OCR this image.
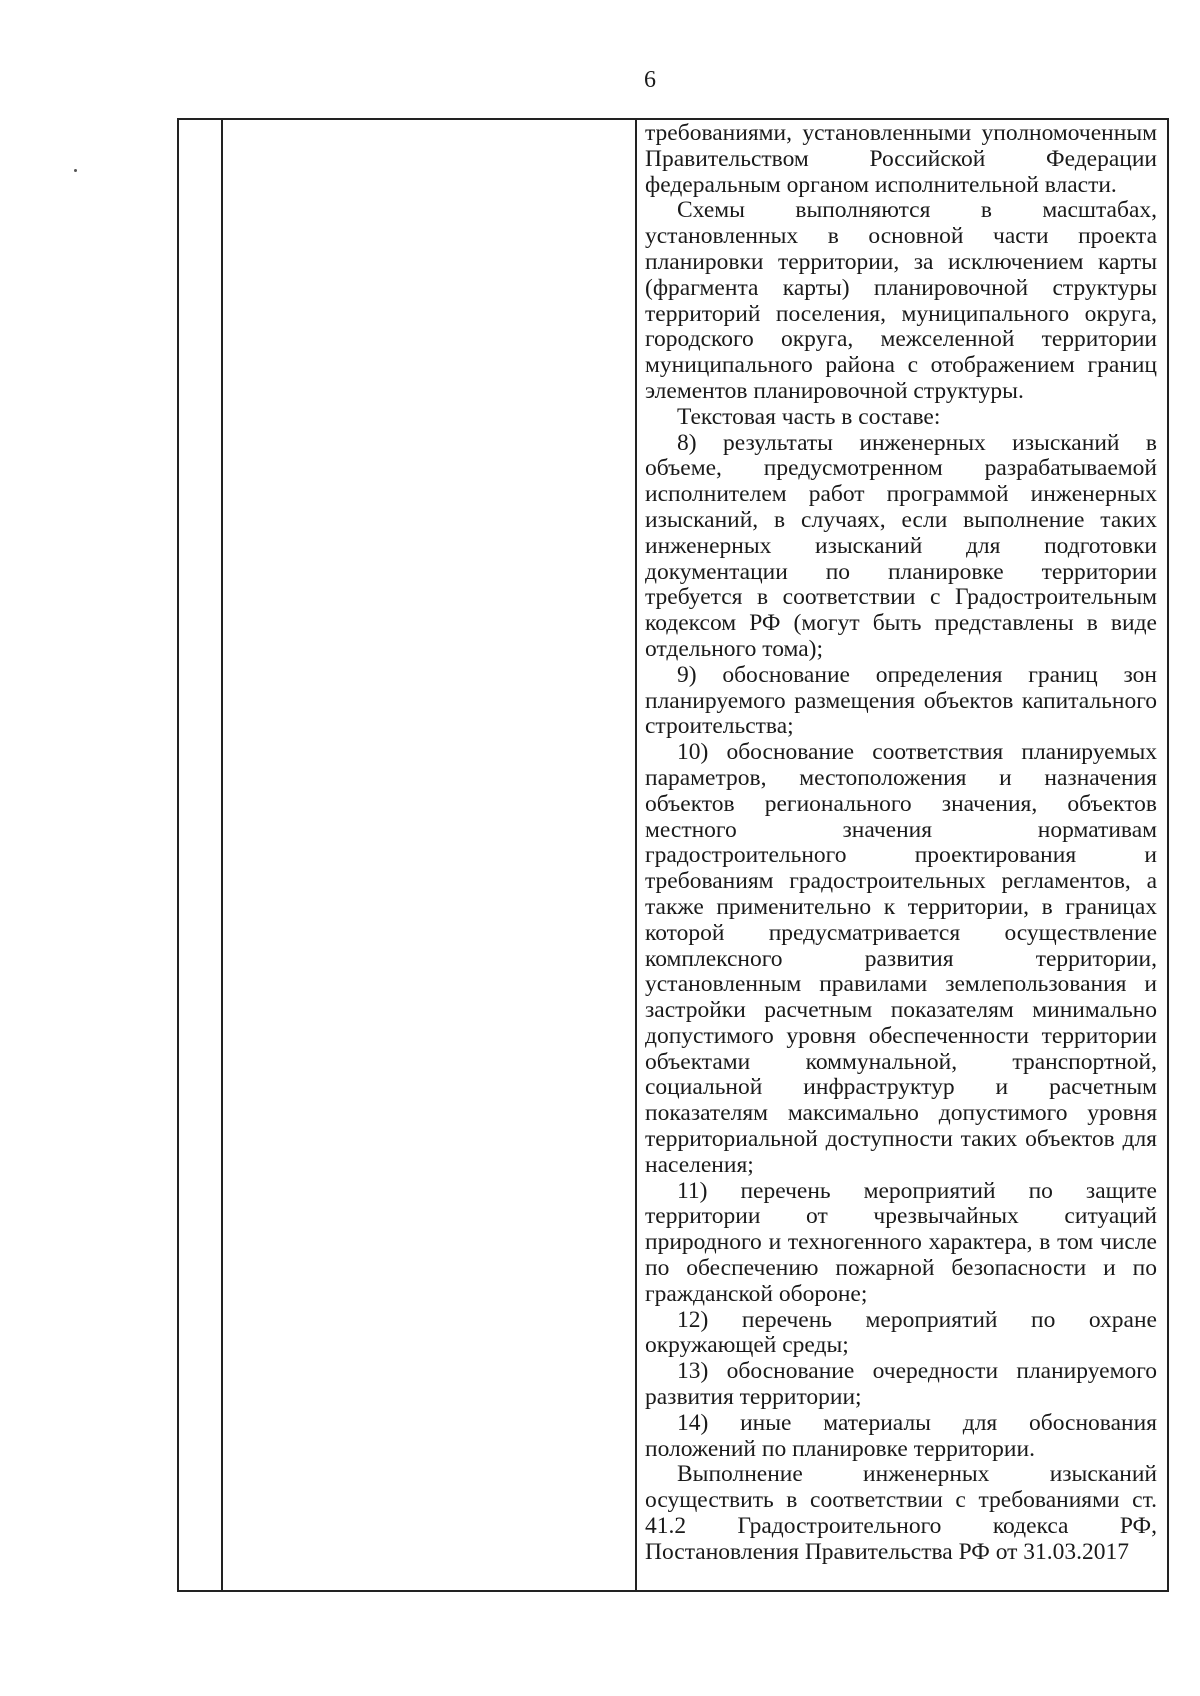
6

требованиями, установленными уполномоченным Правительством Российской Федерации федеральным органом исполнительной власти.

Схемы выполняются в масштабах, установленных в основной части проекта планировки территории, за исключением карты (фрагмента карты) планировочной структуры территорий поселения, муниципального округа, городского округа, межселенной территории муниципального района с отображением границ элементов планировочной структуры.

Текстовая часть в составе:

8) результаты инженерных изысканий в объеме, предусмотренном разрабатываемой исполнителем работ программой инженерных изысканий, в случаях, если выполнение таких инженерных изысканий для подготовки документации по планировке территории требуется в соответствии с Градостроительным кодексом РФ (могут быть представлены в виде отдельного тома);

9) обоснование определения границ зон планируемого размещения объектов капитального строительства;

10) обоснование соответствия планируемых параметров, местоположения и назначения объектов регионального значения, объектов местного значения нормативам градостроительного проектирования и требованиям градостроительных регламентов, а также применительно к территории, в границах которой предусматривается осуществление комплексного развития территории, установленным правилами землепользования и застройки расчетным показателям минимально допустимого уровня обеспеченности территории объектами коммунальной, транспортной, социальной инфраструктур и расчетным показателям максимально допустимого уровня территориальной доступности таких объектов для населения;

11) перечень мероприятий по защите территории от чрезвычайных ситуаций природного и техногенного характера, в том числе по обеспечению пожарной безопасности и по гражданской обороне;

12) перечень мероприятий по охране окружающей среды;

13) обоснование очередности планируемого развития территории;

14) иные материалы для обоснования положений по планировке территории.

Выполнение инженерных изысканий осуществить в соответствии с требованиями ст. 41.2 Градостроительного кодекса РФ, Постановления Правительства РФ от 31.03.2017
